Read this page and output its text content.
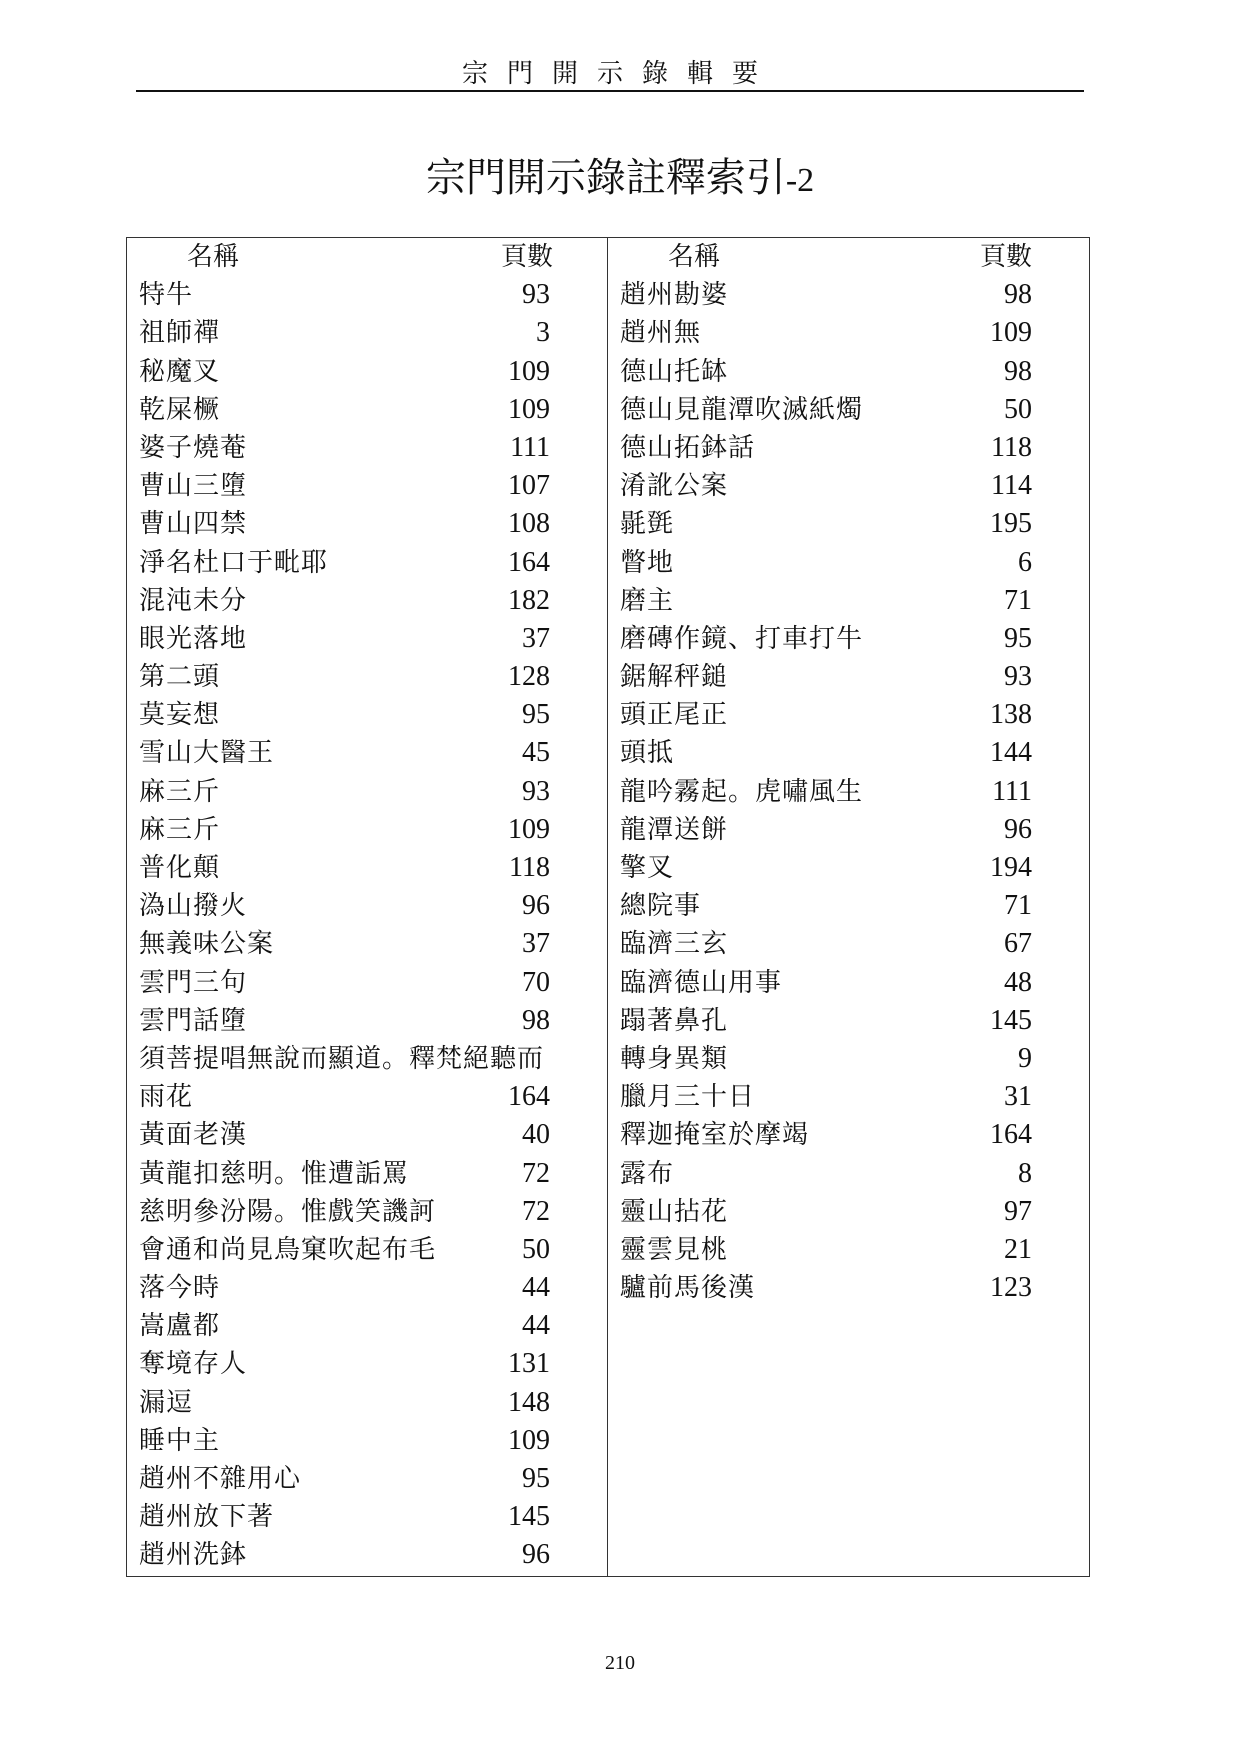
宗門開示錄輯要
宗門開示錄註釋索引-2
名稱	頁數
特牛	93
祖師禪	3
秘魔叉	109
乾屎橛	109
婆子燒菴	111
曹山三墮	107
曹山四禁	108
淨名杜口于毗耶	164
混沌未分	182
眼光落地	37
第二頭	128
莫妄想	95
雪山大醫王	45
麻三斤	93
麻三斤	109
普化顛	118
溈山撥火	96
無義味公案	37
雲門三句	70
雲門話墮	98
須菩提唱無說而顯道。釋梵絕聽而
雨花	164
黃面老漢	40
黃龍扣慈明。惟遭詬罵	72
慈明參汾陽。惟戲笑譏訶	72
會通和尚見鳥窠吹起布毛	50
落今時	44
嵩盧都	44
奪境存人	131
漏逗	148
睡中主	109
趙州不雜用心	95
趙州放下著	145
趙州洗鉢	96
名稱	頁數
趙州勘婆	98
趙州無	109
德山托缽	98
德山見龍潭吹滅紙燭	50
德山拓鉢話	118
淆訛公案	114
毾㲪	195
瞥地	6
磨主	71
磨磚作鏡、打車打牛	95
鋸解秤鎚	93
頭正尾正	138
頭抵	144
龍吟霧起。虎嘯風生	111
龍潭送餅	96
擎叉	194
總院事	71
臨濟三玄	67
臨濟德山用事	48
蹋著鼻孔	145
轉身異類	9
臘月三十日	31
釋迦掩室於摩竭	164
露布	8
靈山拈花	97
靈雲見桃	21
驢前馬後漢	123
210
